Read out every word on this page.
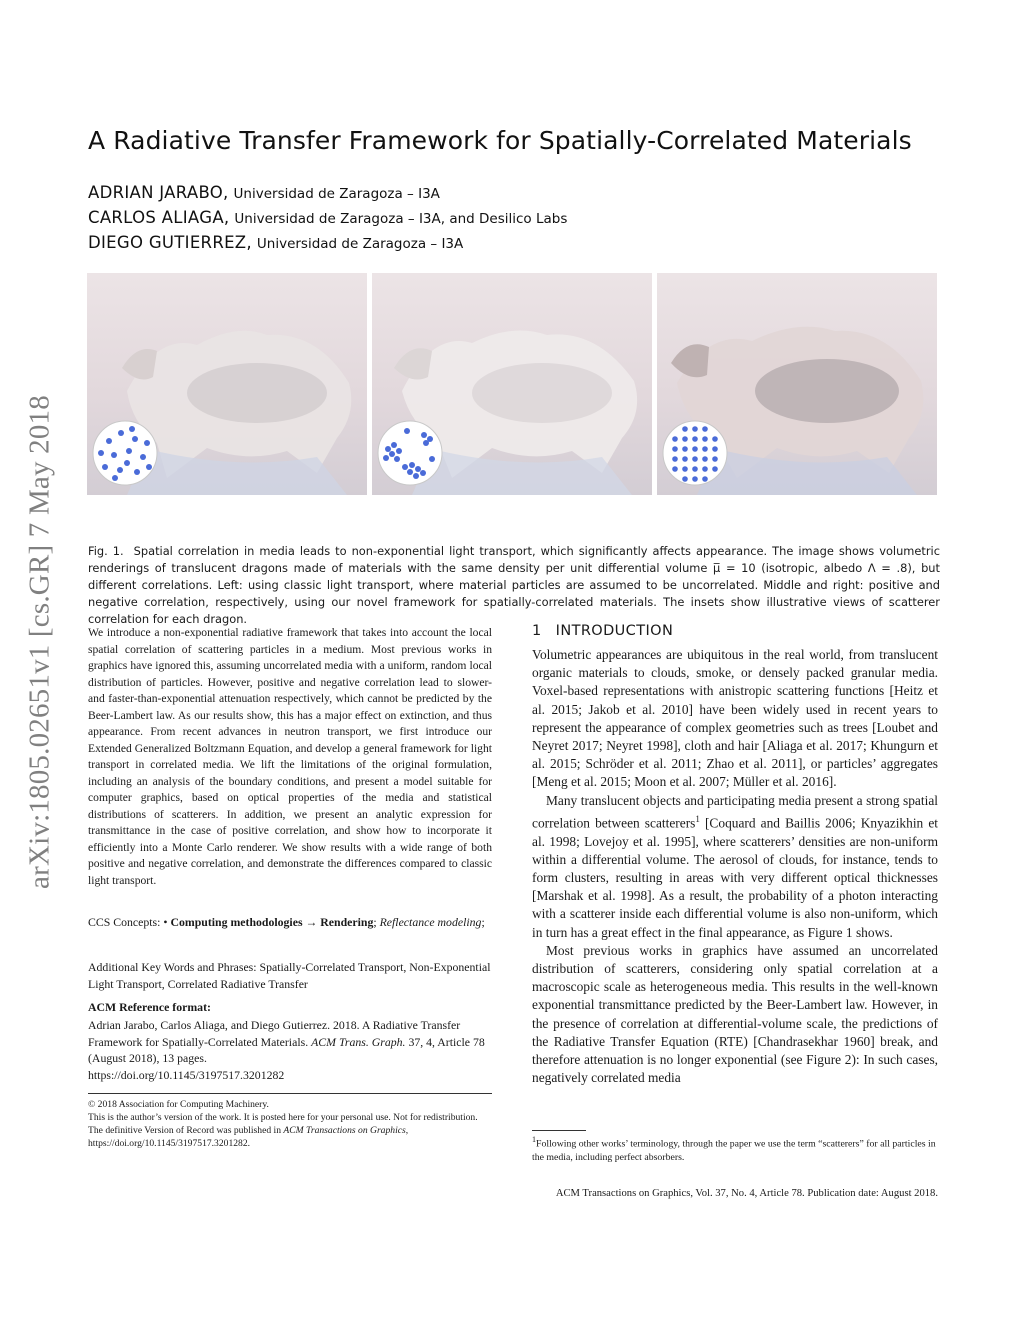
arXiv:1805.02651v1 [cs.GR] 7 May 2018
A Radiative Transfer Framework for Spatially-Correlated Materials
ADRIAN JARABO, Universidad de Zaragoza – I3A
CARLOS ALIAGA, Universidad de Zaragoza – I3A, and Desilico Labs
DIEGO GUTIERREZ, Universidad de Zaragoza – I3A
Fig. 1. Spatial correlation in media leads to non-exponential light transport, which significantly affects appearance. The image shows volumetric renderings of translucent dragons made of materials with the same density per unit differential volume μ̅ = 10 (isotropic, albedo Λ = .8), but different correlations. Left: using classic light transport, where material particles are assumed to be uncorrelated. Middle and right: positive and negative correlation, respectively, using our novel framework for spatially-correlated materials. The insets show illustrative views of scatterer correlation for each dragon.
We introduce a non-exponential radiative framework that takes into account the local spatial correlation of scattering particles in a medium. Most previous works in graphics have ignored this, assuming uncorrelated media with a uniform, random local distribution of particles. However, positive and negative correlation lead to slower- and faster-than-exponential attenuation respectively, which cannot be predicted by the Beer-Lambert law. As our results show, this has a major effect on extinction, and thus appearance. From recent advances in neutron transport, we first introduce our Extended Generalized Boltzmann Equation, and develop a general framework for light transport in correlated media. We lift the limitations of the original formulation, including an analysis of the boundary conditions, and present a model suitable for computer graphics, based on optical properties of the media and statistical distributions of scatterers. In addition, we present an analytic expression for transmittance in the case of positive correlation, and show how to incorporate it efficiently into a Monte Carlo renderer. We show results with a wide range of both positive and negative correlation, and demonstrate the differences compared to classic light transport.
CCS Concepts: • Computing methodologies → Rendering; Reflectance modeling;
Additional Key Words and Phrases: Spatially-Correlated Transport, Non-Exponential Light Transport, Correlated Radiative Transfer
ACM Reference format:
Adrian Jarabo, Carlos Aliaga, and Diego Gutierrez. 2018. A Radiative Transfer Framework for Spatially-Correlated Materials. ACM Trans. Graph. 37, 4, Article 78 (August 2018), 13 pages.
https://doi.org/10.1145/3197517.3201282
© 2018 Association for Computing Machinery.
This is the author’s version of the work. It is posted here for your personal use. Not for redistribution. The definitive Version of Record was published in ACM Transactions on Graphics, https://doi.org/10.1145/3197517.3201282.
1 INTRODUCTION

Volumetric appearances are ubiquitous in the real world, from translucent organic materials to clouds, smoke, or densely packed granular media. Voxel-based representations with anistropic scattering functions [Heitz et al. 2015; Jakob et al. 2010] have been widely used in recent years to represent the appearance of complex geometries such as trees [Loubet and Neyret 2017; Neyret 1998], cloth and hair [Aliaga et al. 2017; Khungurn et al. 2015; Schröder et al. 2011; Zhao et al. 2011], or particles’ aggregates [Meng et al. 2015; Moon et al. 2007; Müller et al. 2016].

Many translucent objects and participating media present a strong spatial correlation between scatterers$^1$ [Coquard and Baillis 2006; Knyazikhin et al. 1998; Lovejoy et al. 1995], where scatterers’ densities are non-uniform within a differential volume. The aerosol of clouds, for instance, tends to form clusters, resulting in areas with very different optical thicknesses [Marshak et al. 1998]. As a result, the probability of a photon interacting with a scatterer inside each differential volume is also non-uniform, which in turn has a great effect in the final appearance, as Figure 1 shows.

Most previous works in graphics have assumed an uncorrelated distribution of scatterers, considering only spatial correlation at a macroscopic scale as heterogeneous media. This results in the well-known exponential transmittance predicted by the Beer-Lambert law. However, in the presence of correlation at differential-volume scale, the predictions of the Radiative Transfer Equation (RTE) [Chandrasekhar 1960] break, and therefore attenuation is no longer exponential (see Figure 2): In such cases, negatively correlated media

$^1$Following other works’ terminology, through the paper we use the term “scatterers” for all particles in the media, including perfect absorbers.
ACM Transactions on Graphics, Vol. 37, No. 4, Article 78. Publication date: August 2018.
